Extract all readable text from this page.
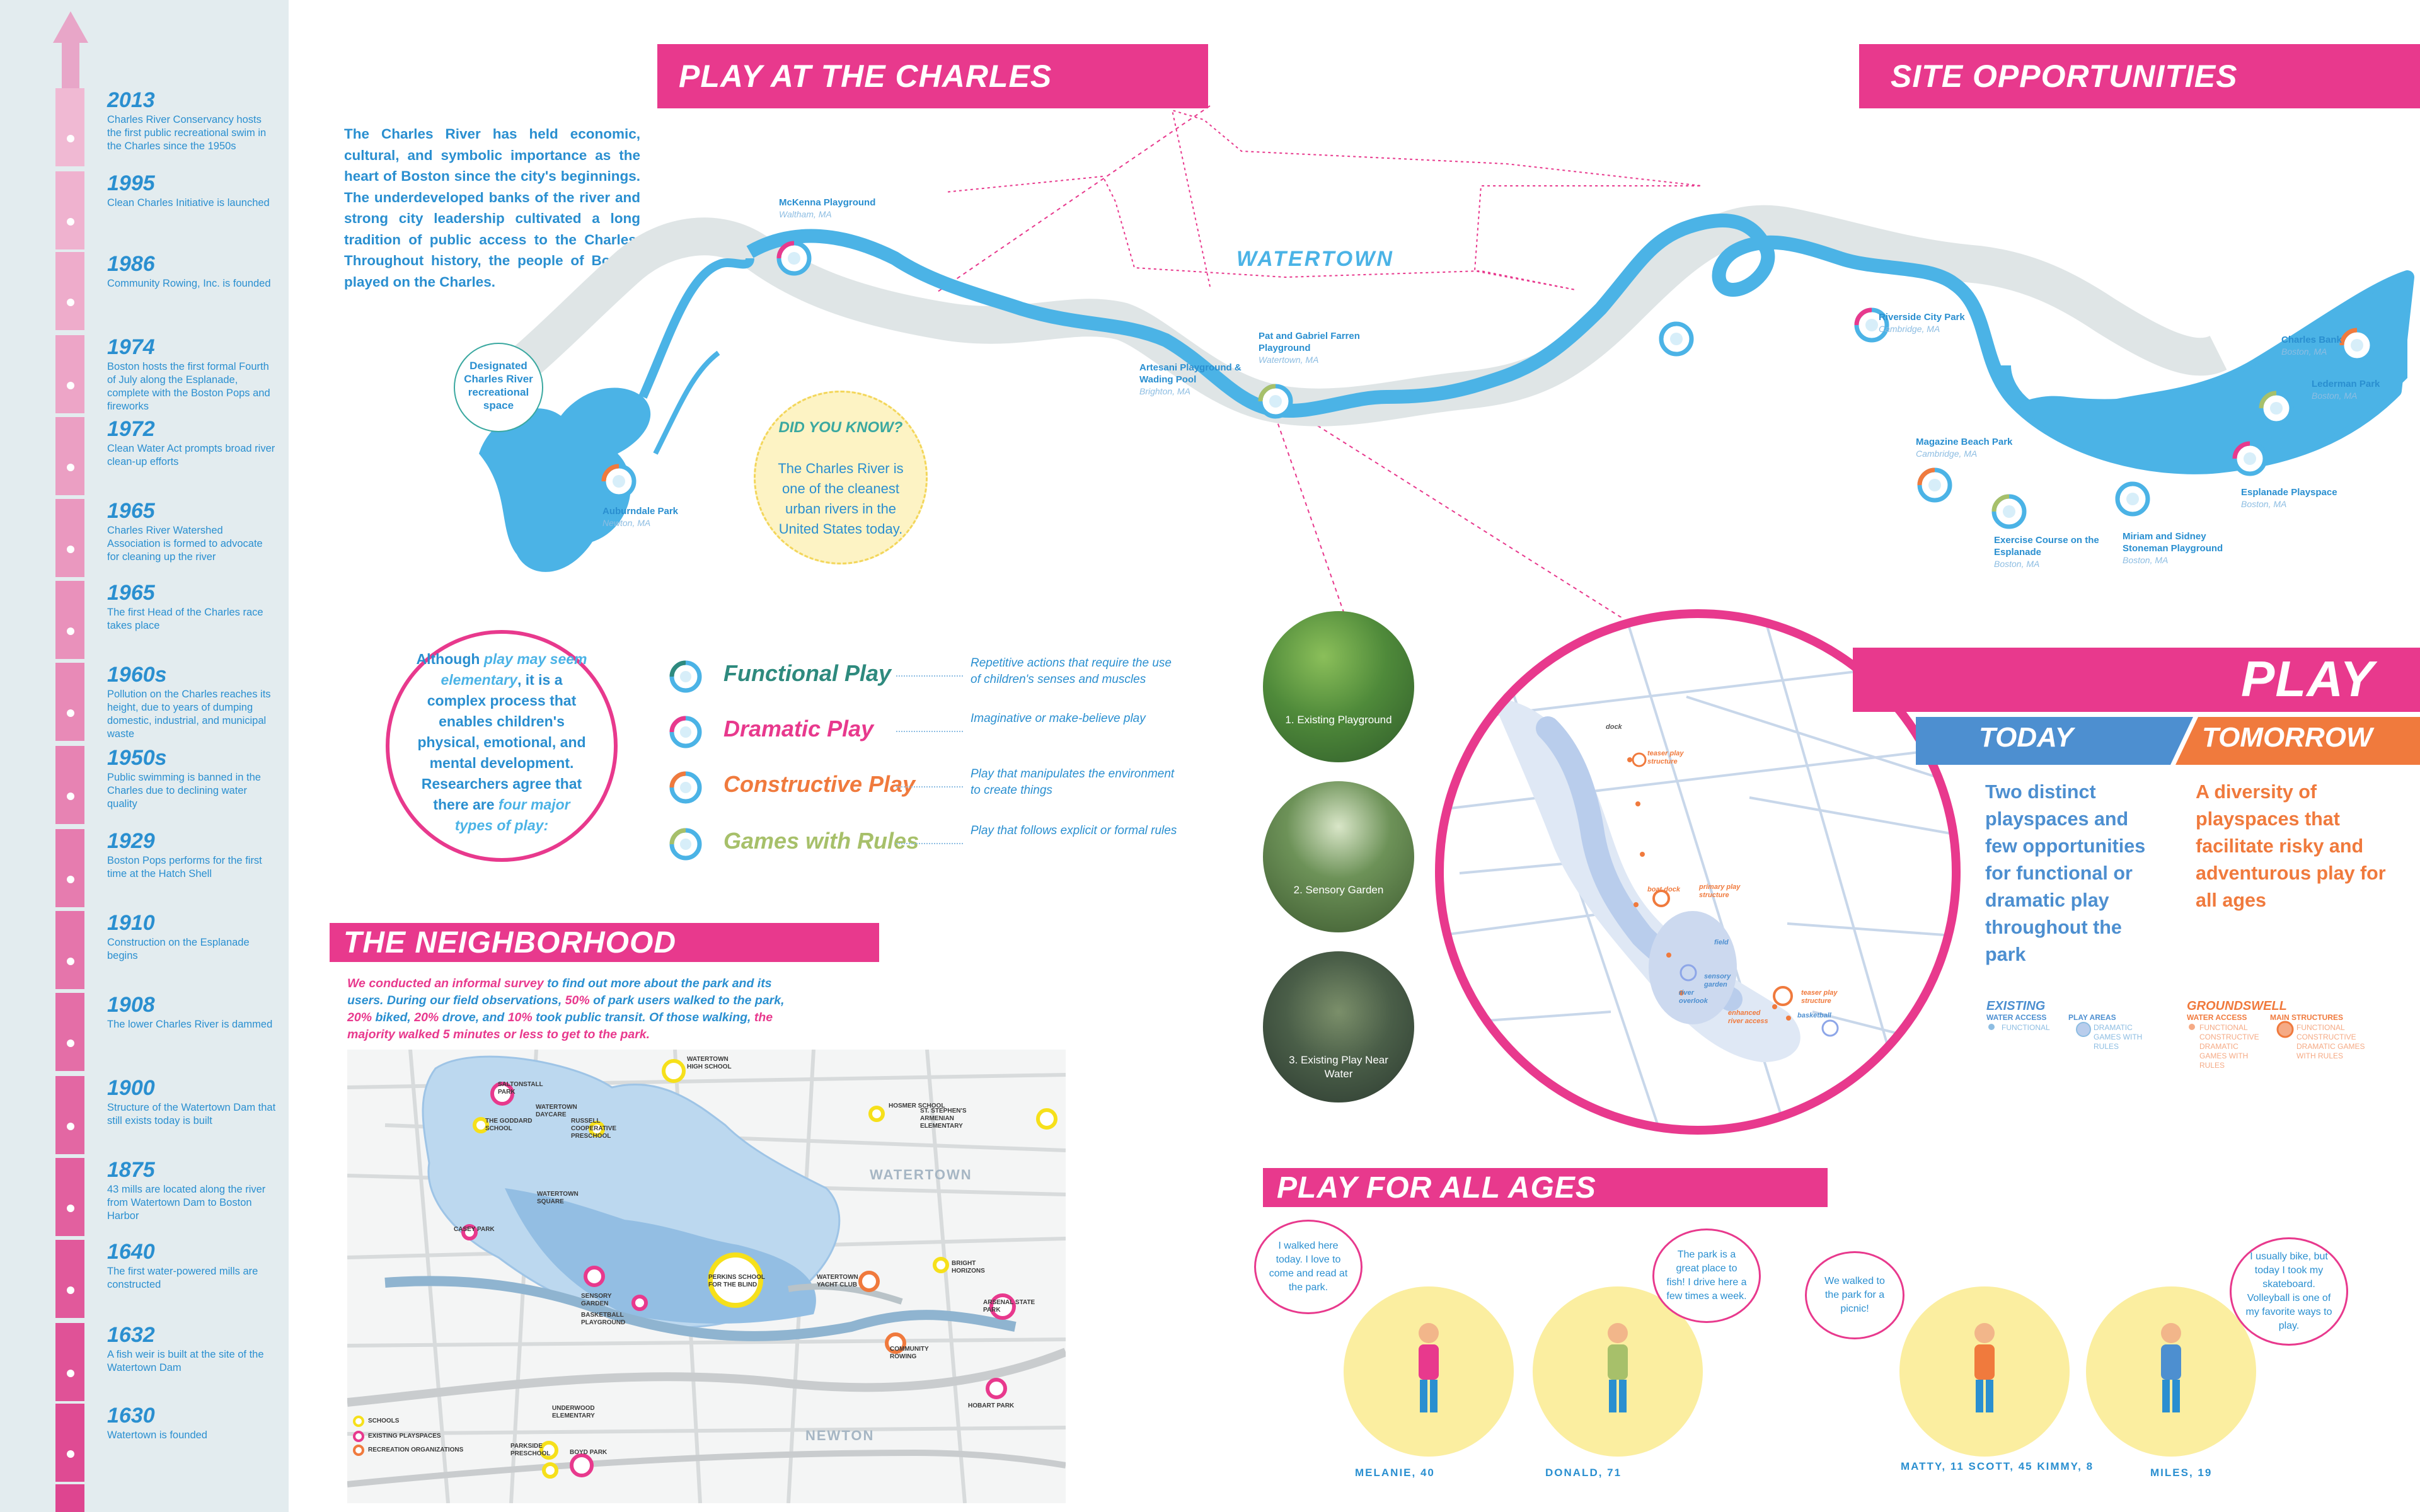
2013
Charles River Conservancy hosts the first public recreational swim in the Charles since the 1950s
1995
Clean Charles Initiative is launched
1986
Community Rowing, Inc. is founded
1974
Boston hosts the first formal Fourth of July along the Esplanade, complete with the Boston Pops and fireworks
1972
Clean Water Act prompts broad river clean-up efforts
1965
Charles River Watershed Association is formed to advocate for cleaning up the river
1965
The first Head of the Charles race takes place
1960s
Pollution on the Charles reaches its height, due to years of dumping domestic, industrial, and municipal waste
1950s
Public swimming is banned in the Charles due to declining water quality
1929
Boston Pops performs for the first time at the Hatch Shell
1910
Construction on the Esplanade begins
1908
The lower Charles River is dammed
1900
Structure of the Watertown Dam that still exists today is built
1875
43 mills are located along the river from Watertown Dam to Boston Harbor
1640
The first water-powered mills are constructed
1632
A fish weir is built at the site of the Watertown Dam
1630
Watertown is founded
PLAY AT THE CHARLES	SITE OPPORTUNITIES
The Charles River has held economic, cultural, and symbolic importance as the heart of Boston since the city's beginnings. The underdeveloped banks of the river and strong city leadership cultivated a long tradition of public access to the Charles. Throughout history, the people of Boston played on the Charles.
Designated Charles River recreational space
WATERTOWN
McKenna Playground
Waltham, MA
Auburndale Park
Newton, MA
Pat and Gabriel Farren Playground
Watertown, MA
Artesani Playground & Wading Pool
Brighton, MA
Riverside City Park
Cambridge, MA
Magazine Beach Park
Cambridge, MA
Exercise Course on the Esplanade
Boston, MA
Miriam and Sidney Stoneman Playground
Boston, MA
Esplanade Playspace
Boston, MA
Charles Bank
Boston, MA
Lederman Park
Boston, MA
DID YOU KNOW?
The Charles River is one of the cleanest urban rivers in the United States today.
Although play may seem elementary, it is a complex process that enables children's physical, emotional, and mental development. Researchers agree that there are four major types of play:
Functional Play	Repetitive actions that require the use of children's senses and muscles
Dramatic Play	Imaginative or make-believe play
Constructive Play	Play that manipulates the environment to create things
Games with Rules	Play that follows explicit or formal rules
THE NEIGHBORHOOD
We conducted an informal survey to find out more about the park and its users. During our field observations, 50% of park users walked to the park, 20% biked, 20% drove, and 10% took public transit. Of those walking, the majority walked 5 minutes or less to get to the park.
WATERTOWN HIGH SCHOOL
SALTONSTALL PARK
WATERTOWN DAYCARE
THE GODDARD SCHOOL
RUSSELL COOPERATIVE PRESCHOOL
HOSMER SCHOOL
ST. STEPHEN'S ARMENIAN ELEMENTARY
WATERTOWN SQUARE
CASEY PARK
PERKINS SCHOOL FOR THE BLIND
WATERTOWN YACHT CLUB
BRIGHT HORIZONS
ARSENAL STATE PARK
SENSORY GARDEN
BASKETBALL PLAYGROUND
COMMUNITY ROWING
HOBART PARK
UNDERWOOD ELEMENTARY
PARKSIDE PRESCHOOL	BOYD PARK
WATERTOWN
NEWTON
SCHOOLS
EXISTING PLAYSPACES
RECREATION ORGANIZATIONS
1. Existing Playground
2. Sensory Garden
3. Existing Play Near Water
dock
teaser play structure
boat dock	primary play structure
field
sensory garden
river overlook
enhanced river access
teaser play structure
basketball
PLAY
TODAY	TOMORROW
Two distinct playspaces and few opportunities for functional or dramatic play throughout the park
A diversity of playspaces that facilitate risky and adventurous play for all ages
EXISTING
WATER ACCESS
FUNCTIONAL
PLAY AREAS
DRAMATIC GAMES WITH RULES
GROUNDSWELL
WATER ACCESS
FUNCTIONAL CONSTRUCTIVE DRAMATIC GAMES WITH RULES
MAIN STRUCTURES
FUNCTIONAL CONSTRUCTIVE DRAMATIC GAMES WITH RULES
PLAY FOR ALL AGES
I walked here today. I love to come and read at the park.
MELANIE, 40
The park is a great place to fish! I drive here a few times a week.
DONALD, 71
We walked to the park for a picnic!
MATTY, 11 SCOTT, 45 KIMMY, 8
I usually bike, but today I took my skateboard. Volleyball is one of my favorite ways to play.
MILES, 19
